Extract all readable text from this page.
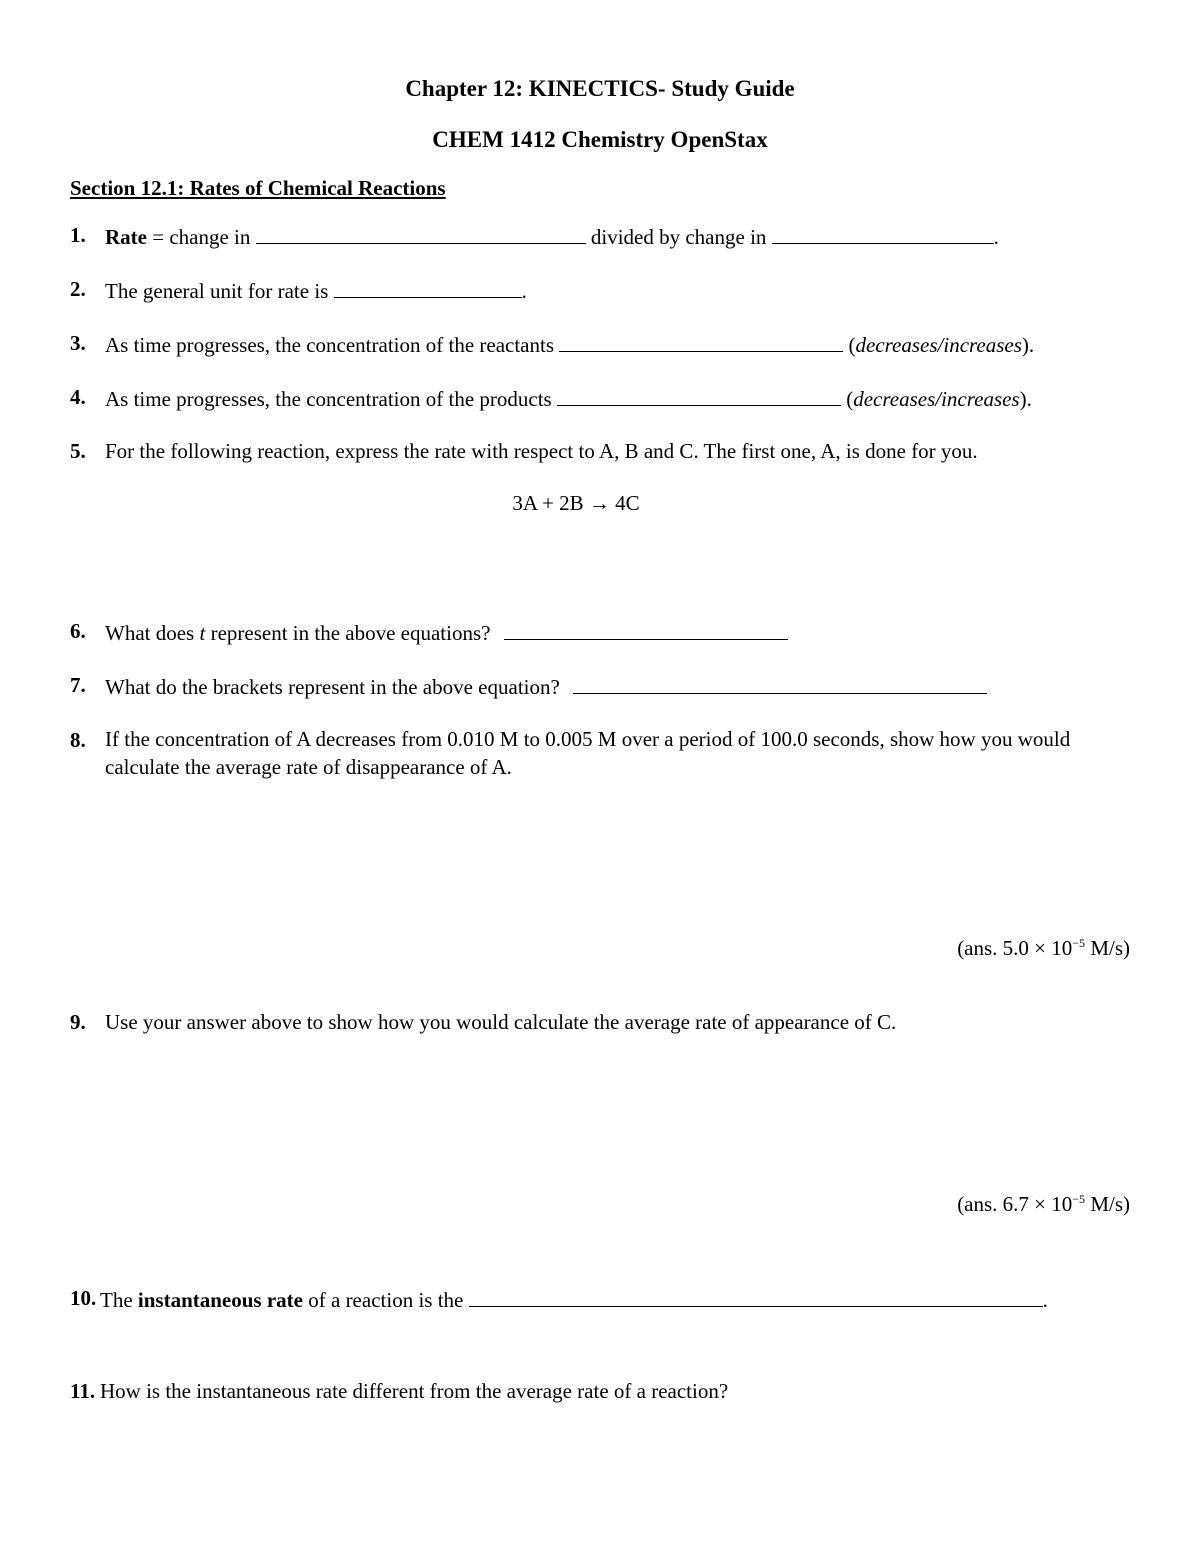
Chapter 12: KINECTICS- Study Guide
CHEM 1412 Chemistry OpenStax
Section 12.1: Rates of Chemical Reactions
1. Rate = change in	divided by change in	.
2. The general unit for rate is	.
3. As time progresses, the concentration of the reactants	(decreases/increases).
4. As time progresses, the concentration of the products	(decreases/increases).
5. For the following reaction, express the rate with respect to A, B and C. The first one, A, is done for you.
3A + 2B → 4C
6. What does t represent in the above equations?
7. What do the brackets represent in the above equation?
8. If the concentration of A decreases from 0.010 M to 0.005 M over a period of 100.0 seconds, show how you would calculate the average rate of disappearance of A.
(ans. $5.0 \times 10^{-5}$ M/s)
9. Use your answer above to show how you would calculate the average rate of appearance of C.
(ans. $6.7 \times 10^{-5}$ M/s)
10. The instantaneous rate of a reaction is the	.
11. How is the instantaneous rate different from the average rate of a reaction?
